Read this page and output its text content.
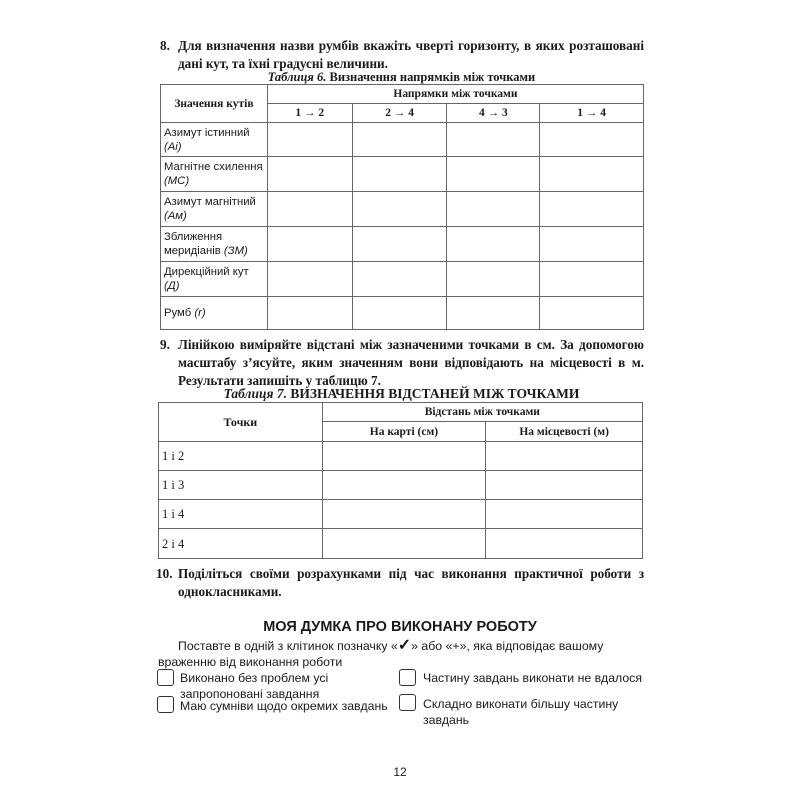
8. Для визначення назви румбів вкажіть чверті горизонту, в яких розташовані дані кут, та їхні градусні величини.
Таблиця 6. Визначення напрямків між точками
Значення кутів	Напрямки між точками			
	1 → 2	2 → 4	4 → 3	1 → 4
Азимут істинний (Аі)				
Магнітне схилення (МС)				
Азимут магнітний (Ам)				
Зближення меридіанів (ЗМ)				
Дирекційний кут (Д)				
Румб (r)				
9. Лінійкою виміряйте відстані між зазначеними точками в см. За допомогою масштабу з’ясуйте, яким значенням вони відповідають на місцевості в м. Результати запишіть у таблицю 7.
Таблиця 7. ВИЗНАЧЕННЯ ВІДСТАНЕЙ МІЖ ТОЧКАМИ
Точки	Відстань між точками	
	На карті (см)	На місцевості (м)
1 і 2		
1 і 3		
1 і 4		
2 і 4		
10. Поділіться своїми розрахунками під час виконання практичної роботи з однокласниками.
МОЯ ДУМКА ПРО ВИКОНАНУ РОБОТУ
Поставте в одній з клітинок позначку «✓» або «+», яка відповідає вашому враженню від виконання роботи
Виконано без проблем усі запропоновані завдання
Частину завдань виконати не вдалося
Маю сумніви щодо окремих завдань	Складно виконати більшу частину завдань
12
